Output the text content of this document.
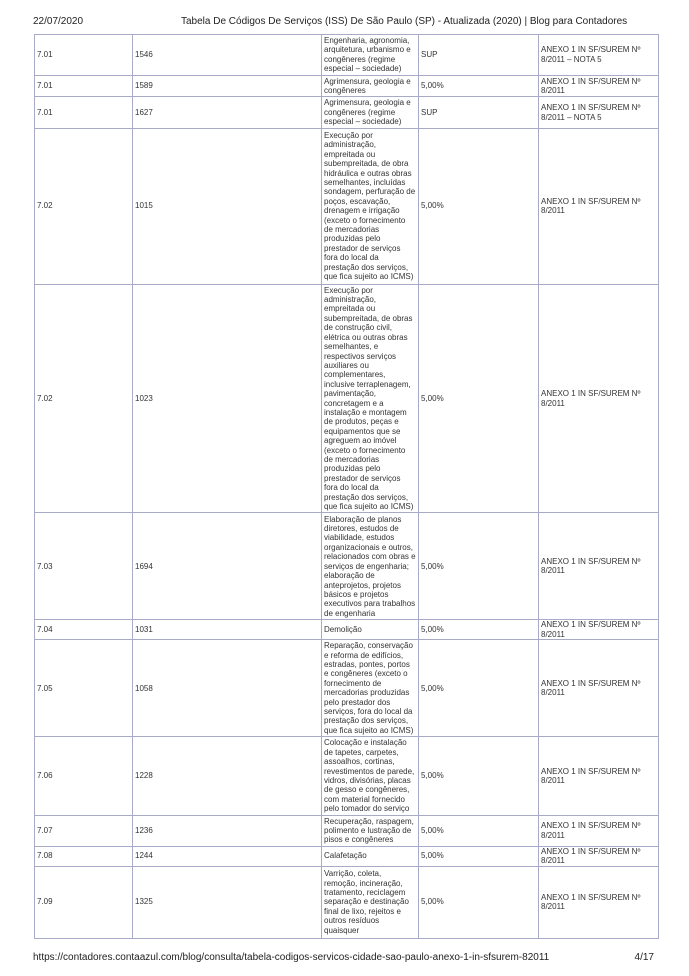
22/07/2020	Tabela De Códigos De Serviços (ISS) De São Paulo (SP) - Atualizada (2020) | Blog para Contadores
7.01	1546	Engenharia, agronomia, arquitetura, urbanismo e congêneres (regime especial – sociedade)	SUP	ANEXO 1 IN SF/SUREM Nº 8/2011 – NOTA 5
7.01	1589	Agrimensura, geologia e congêneres	5,00%	ANEXO 1 IN SF/SUREM Nº 8/2011
7.01	1627	Agrimensura, geologia e congêneres (regime especial – sociedade)	SUP	ANEXO 1 IN SF/SUREM Nº 8/2011 – NOTA 5
7.02	1015	Execução por administração, empreitada ou subempreitada, de obra hidráulica e outras obras semelhantes, incluídas sondagem, perfuração de poços, escavação, drenagem e irrigação (exceto o fornecimento de mercadorias produzidas pelo prestador de serviços fora do local da prestação dos serviços, que fica sujeito ao ICMS)	5,00%	ANEXO 1 IN SF/SUREM Nº 8/2011
7.02	1023	Execução por administração, empreitada ou subempreitada, de obras de construção civil, elétrica ou outras obras semelhantes, e respectivos serviços auxiliares ou complementares, inclusive terraplenagem, pavimentação, concretagem e a instalação e montagem de produtos, peças e equipamentos que se agreguem ao imóvel (exceto o fornecimento de mercadorias produzidas pelo prestador de serviços fora do local da prestação dos serviços, que fica sujeito ao ICMS)	5,00%	ANEXO 1 IN SF/SUREM Nº 8/2011
7.03	1694	Elaboração de planos diretores, estudos de viabilidade, estudos organizacionais e outros, relacionados com obras e serviços de engenharia; elaboração de anteprojetos, projetos básicos e projetos executivos para trabalhos de engenharia	5,00%	ANEXO 1 IN SF/SUREM Nº 8/2011
7.04	1031	Demolição	5,00%	ANEXO 1 IN SF/SUREM Nº 8/2011
7.05	1058	Reparação, conservação e reforma de edifícios, estradas, pontes, portos e congêneres (exceto o fornecimento de mercadorias produzidas pelo prestador dos serviços, fora do local da prestação dos serviços, que fica sujeito ao ICMS)	5,00%	ANEXO 1 IN SF/SUREM Nº 8/2011
7.06	1228	Colocação e instalação de tapetes, carpetes, assoalhos, cortinas, revestimentos de parede, vidros, divisórias, placas de gesso e congêneres, com material fornecido pelo tomador do serviço	5,00%	ANEXO 1 IN SF/SUREM Nº 8/2011
7.07	1236	Recuperação, raspagem, polimento e lustração de pisos e congêneres	5,00%	ANEXO 1 IN SF/SUREM Nº 8/2011
7.08	1244	Calafetação	5,00%	ANEXO 1 IN SF/SUREM Nº 8/2011
7.09	1325	Varrição, coleta, remoção, incineração, tratamento, reciclagem separação e destinação final de lixo, rejeitos e outros resíduos quaisquer	5,00%	ANEXO 1 IN SF/SUREM Nº 8/2011
https://contadores.contaazul.com/blog/consulta/tabela-codigos-servicos-cidade-sao-paulo-anexo-1-in-sfsurem-82011	4/17
